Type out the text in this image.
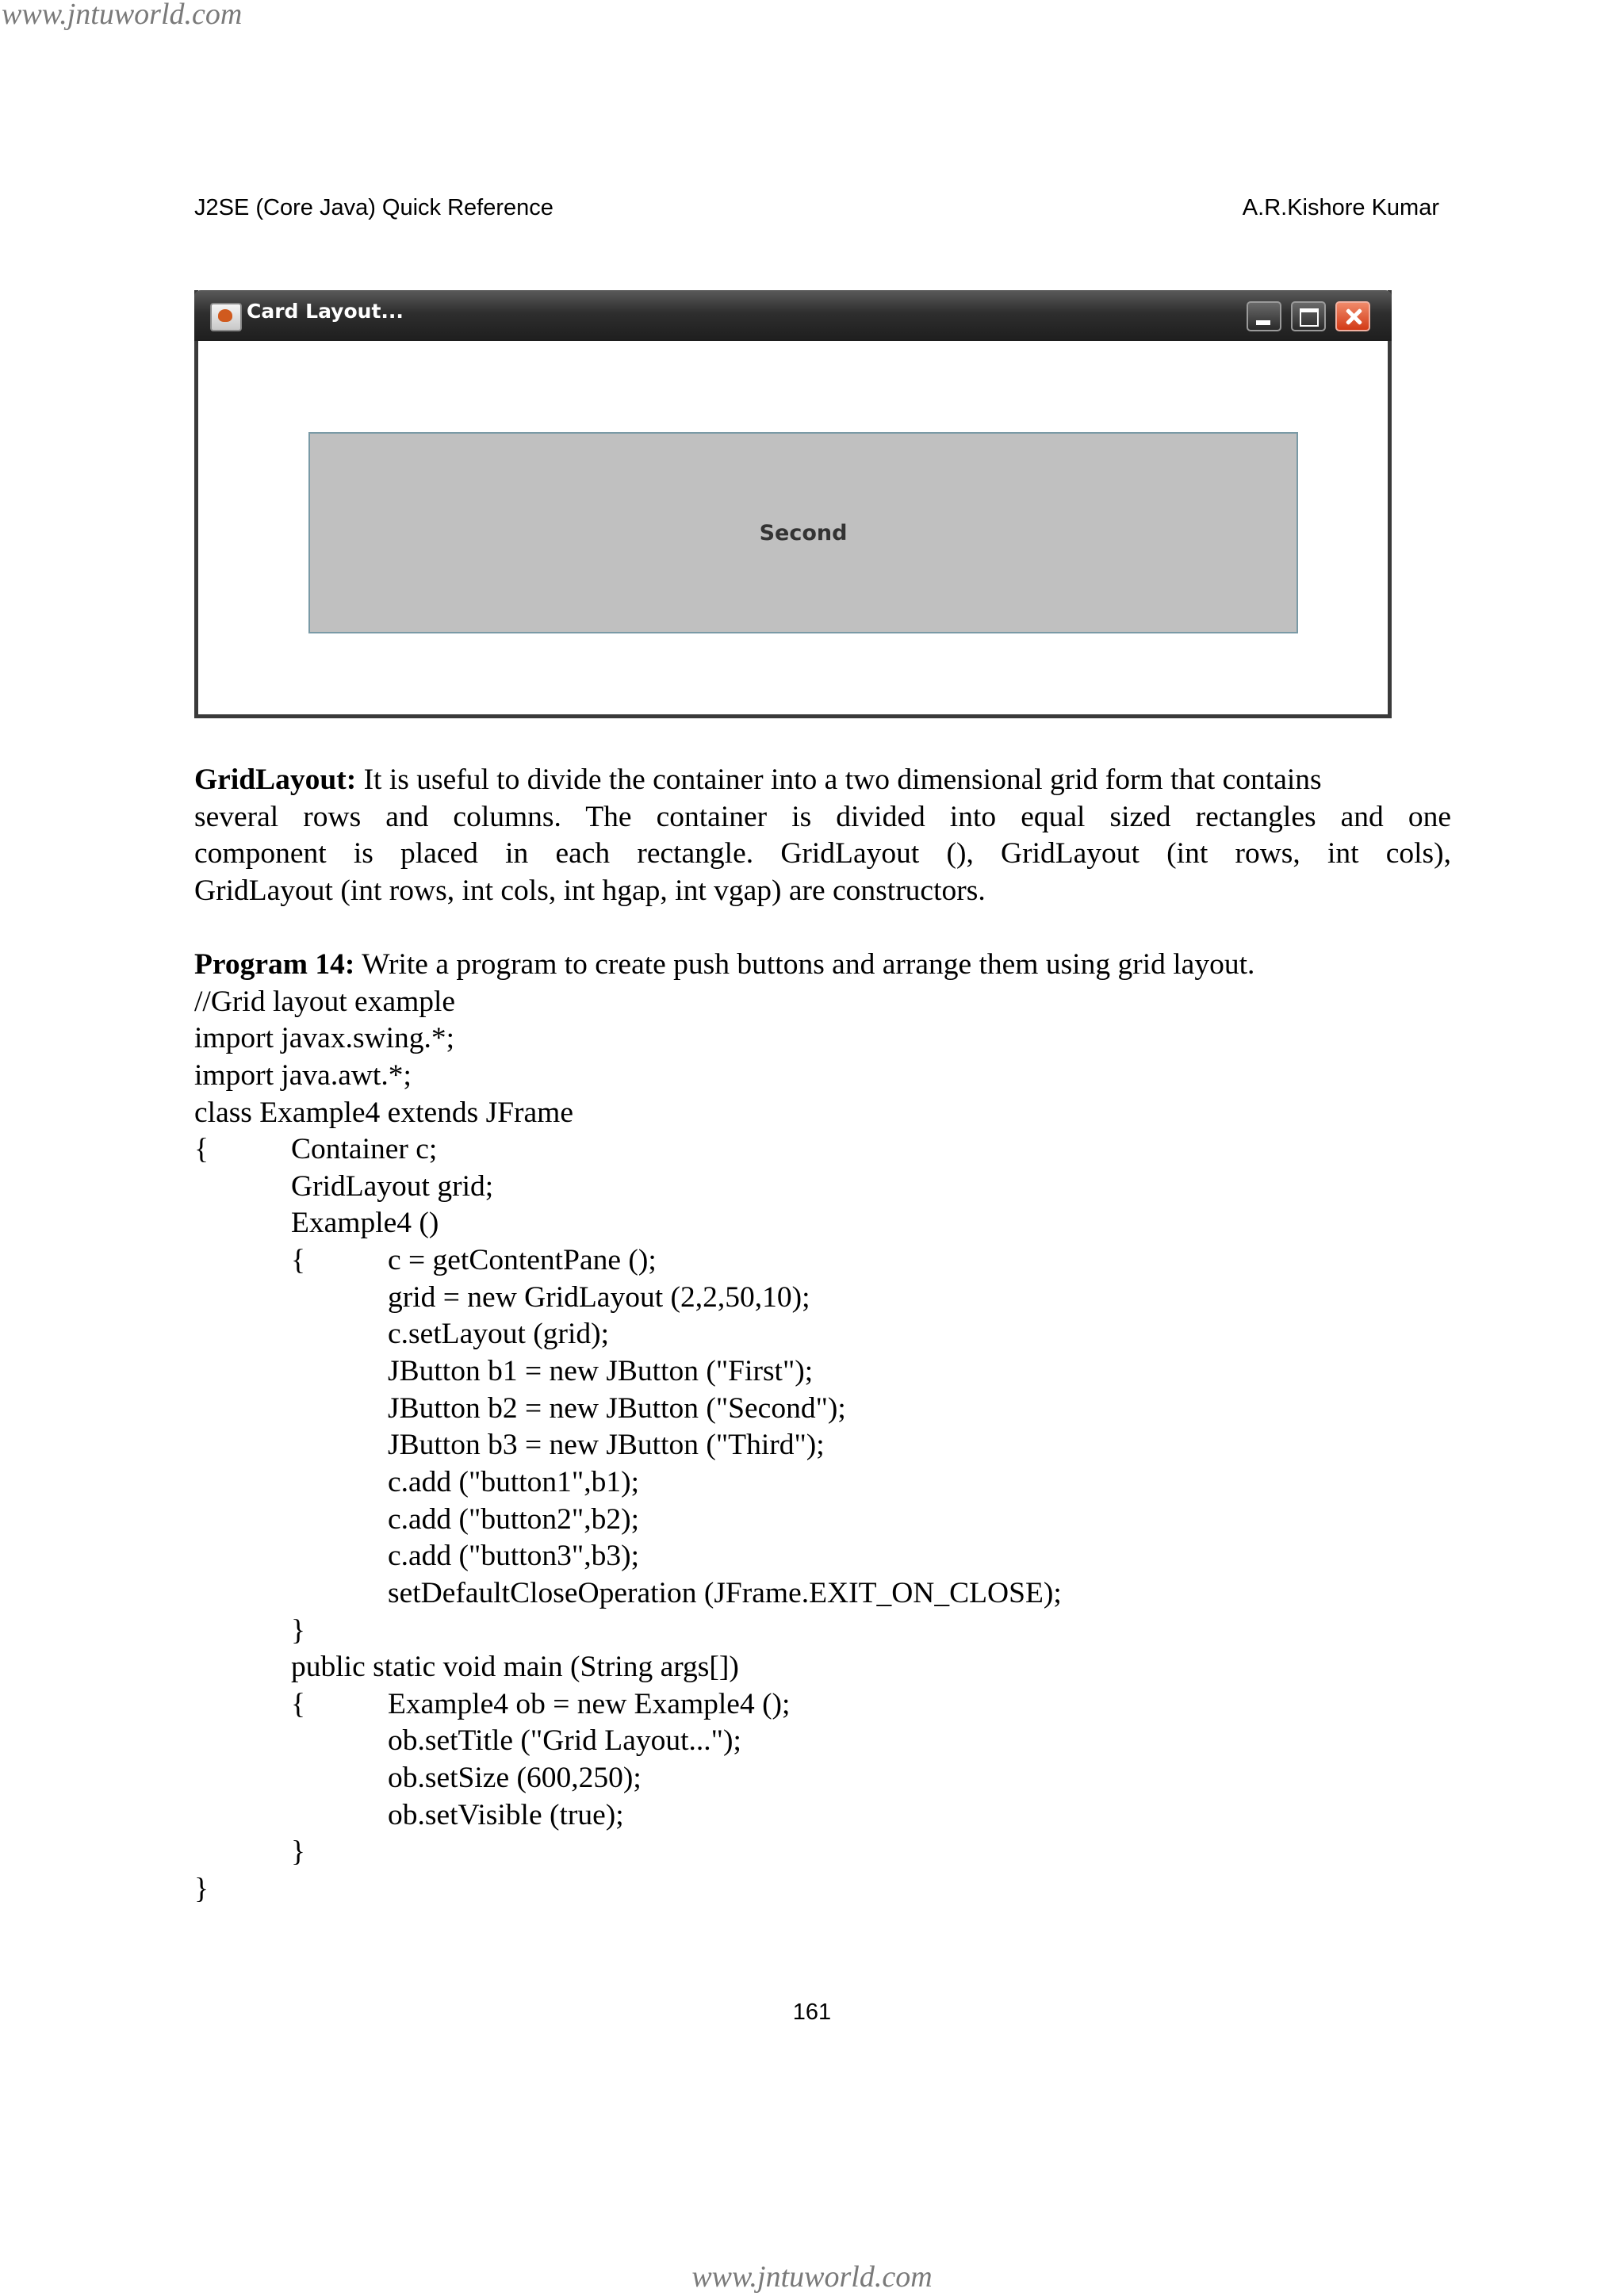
www.jntuworld.com
J2SE (Core Java) Quick Reference	A.R.Kishore Kumar
Card Layout...
Second
GridLayout: It is useful to divide the container into a two dimensional grid form that contains
several rows and columns. The container is divided into equal sized rectangles and one
component is placed in each rectangle. GridLayout (), GridLayout (int rows, int cols),
GridLayout (int rows, int cols, int hgap, int vgap) are constructors.
Program 14: Write a program to create push buttons and arrange them using grid layout.
//Grid layout example
import javax.swing.*;
import java.awt.*;
class Example4 extends JFrame
{	Container c;
GridLayout grid;
Example4 ()
{	c = getContentPane ();
grid = new GridLayout (2,2,50,10);
c.setLayout (grid);
JButton b1 = new JButton ("First");
JButton b2 = new JButton ("Second");
JButton b3 = new JButton ("Third");
c.add ("button1",b1);
c.add ("button2",b2);
c.add ("button3",b3);
setDefaultCloseOperation (JFrame.EXIT_ON_CLOSE);
}
public static void main (String args[])
{	Example4 ob = new Example4 ();
ob.setTitle ("Grid Layout...");
ob.setSize (600,250);
ob.setVisible (true);
}
}
161
www.jntuworld.com
